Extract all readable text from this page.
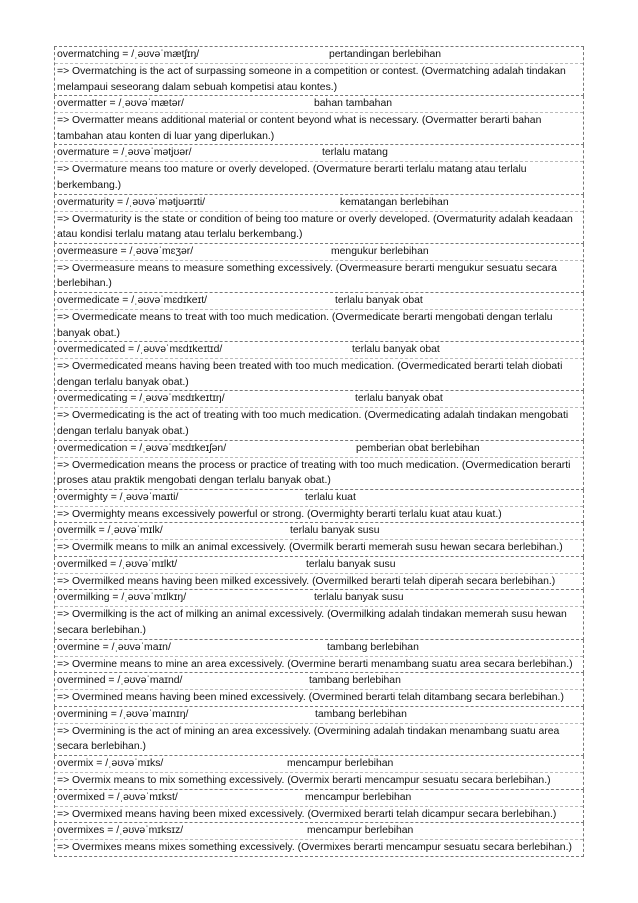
overmatching = /ˌəʊvəˈmætʃɪŋ/	pertandingan berlebihan
=> Overmatching is the act of surpassing someone in a competition or contest. (Overmatching adalah tindakan melampaui seseorang dalam sebuah kompetisi atau kontes.)
overmatter = /ˌəʊvəˈmætər/	bahan tambahan
=> Overmatter means additional material or content beyond what is necessary. (Overmatter berarti bahan tambahan atau konten di luar yang diperlukan.)
overmature = /ˌəʊvəˈmətjʊər/	terlalu matang
=> Overmature means too mature or overly developed. (Overmature berarti terlalu matang atau terlalu berkembang.)
overmaturity = /ˌəʊvəˈmətjʊərɪti/	kematangan berlebihan
=> Overmaturity is the state or condition of being too mature or overly developed. (Overmaturity adalah keadaan atau kondisi terlalu matang atau terlalu berkembang.)
overmeasure = /ˌəʊvəˈmɛʒər/	mengukur berlebihan
=> Overmeasure means to measure something excessively. (Overmeasure berarti mengukur sesuatu secara berlebihan.)
overmedicate = /ˌəʊvəˈmɛdɪkeɪt/	terlalu banyak obat
=> Overmedicate means to treat with too much medication. (Overmedicate berarti mengobati dengan terlalu banyak obat.)
overmedicated = /ˌəʊvəˈmɛdɪkeɪtɪd/	terlalu banyak obat
=> Overmedicated means having been treated with too much medication. (Overmedicated berarti telah diobati dengan terlalu banyak obat.)
overmedicating = /ˌəʊvəˈmɛdɪkeɪtɪŋ/	terlalu banyak obat
=> Overmedicating is the act of treating with too much medication. (Overmedicating adalah tindakan mengobati dengan terlalu banyak obat.)
overmedication = /ˌəʊvəˈmɛdɪkeɪʃən/	pemberian obat berlebihan
=> Overmedication means the process or practice of treating with too much medication. (Overmedication berarti proses atau praktik mengobati dengan terlalu banyak obat.)
overmighty = /ˌəʊvəˈmaɪti/	terlalu kuat
=> Overmighty means excessively powerful or strong. (Overmighty berarti terlalu kuat atau kuat.)
overmilk = /ˌəʊvəˈmɪlk/	terlalu banyak susu
=> Overmilk means to milk an animal excessively. (Overmilk berarti memerah susu hewan secara berlebihan.)
overmilked = /ˌəʊvəˈmɪlkt/	terlalu banyak susu
=> Overmilked means having been milked excessively. (Overmilked berarti telah diperah secara berlebihan.)
overmilking = /ˌəʊvəˈmɪlkɪŋ/	terlalu banyak susu
=> Overmilking is the act of milking an animal excessively. (Overmilking adalah tindakan memerah susu hewan secara berlebihan.)
overmine = /ˌəʊvəˈmaɪn/	tambang berlebihan
=> Overmine means to mine an area excessively. (Overmine berarti menambang suatu area secara berlebihan.)
overmined = /ˌəʊvəˈmaɪnd/	tambang berlebihan
=> Overmined means having been mined excessively. (Overmined berarti telah ditambang secara berlebihan.)
overmining = /ˌəʊvəˈmaɪnɪŋ/	tambang berlebihan
=> Overmining is the act of mining an area excessively. (Overmining adalah tindakan menambang suatu area secara berlebihan.)
overmix = /ˌəʊvəˈmɪks/	mencampur berlebihan
=> Overmix means to mix something excessively. (Overmix berarti mencampur sesuatu secara berlebihan.)
overmixed = /ˌəʊvəˈmɪkst/	mencampur berlebihan
=> Overmixed means having been mixed excessively. (Overmixed berarti telah dicampur secara berlebihan.)
overmixes = /ˌəʊvəˈmɪksɪz/	mencampur berlebihan
=> Overmixes means mixes something excessively. (Overmixes berarti mencampur sesuatu secara berlebihan.)
